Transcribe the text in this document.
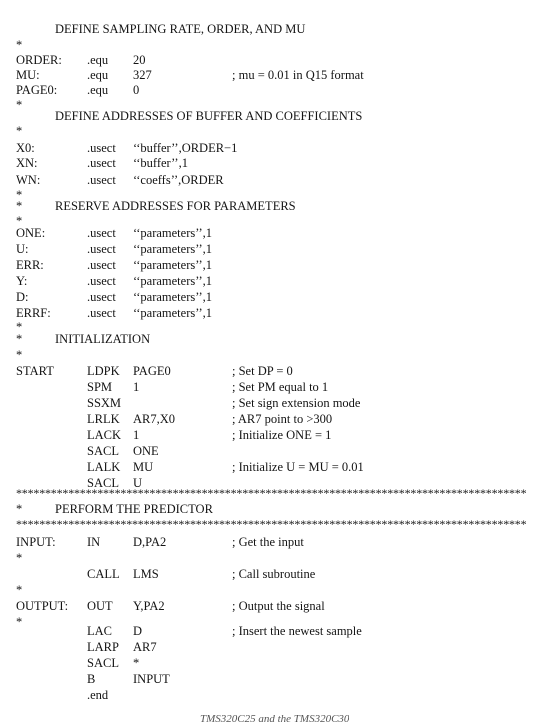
DEFINE SAMPLING RATE, ORDER, AND MU
*
ORDER: .equ 20
MU:	.equ 327	; mu = 0.01 in Q15 format
PAGE0: .equ 0
*
DEFINE ADDRESSES OF BUFFER AND COEFFICIENTS
*
X0:	.usect ‘‘buffer’’,ORDER−1
XN:	.usect ‘‘buffer’’,1
WN:	.usect ‘‘coeffs’’,ORDER
*
*	RESERVE ADDRESSES FOR PARAMETERS
*
ONE:	.usect ‘‘parameters’’,1
U:	.usect ‘‘parameters’’,1
ERR:	.usect ‘‘parameters’’,1
Y:	.usect ‘‘parameters’’,1
D:	.usect ‘‘parameters’’,1
ERRF:	.usect ‘‘parameters’’,1
*
*	INITIALIZATION
*
START	LDPK PAGE0	; Set DP = 0
SPM 1	; Set PM equal to 1
SSXM	; Set sign extension mode
LRLK AR7,X0	; AR7 point to >300
LACK 1	; Initialize ONE = 1
SACL ONE
LALK MU	; Initialize U = MU = 0.01
SACL U
****************************************************************************************
*	PERFORM THE PREDICTOR
****************************************************************************************
INPUT:	IN	D,PA2	; Get the input
*
CALL LMS	; Call subroutine
*
OUTPUT: OUT Y,PA2	; Output the signal
*
LAC D	; Insert the newest sample
LARP AR7
SACL *
B	INPUT
.end
TMS320C25 and the TMS320C30
